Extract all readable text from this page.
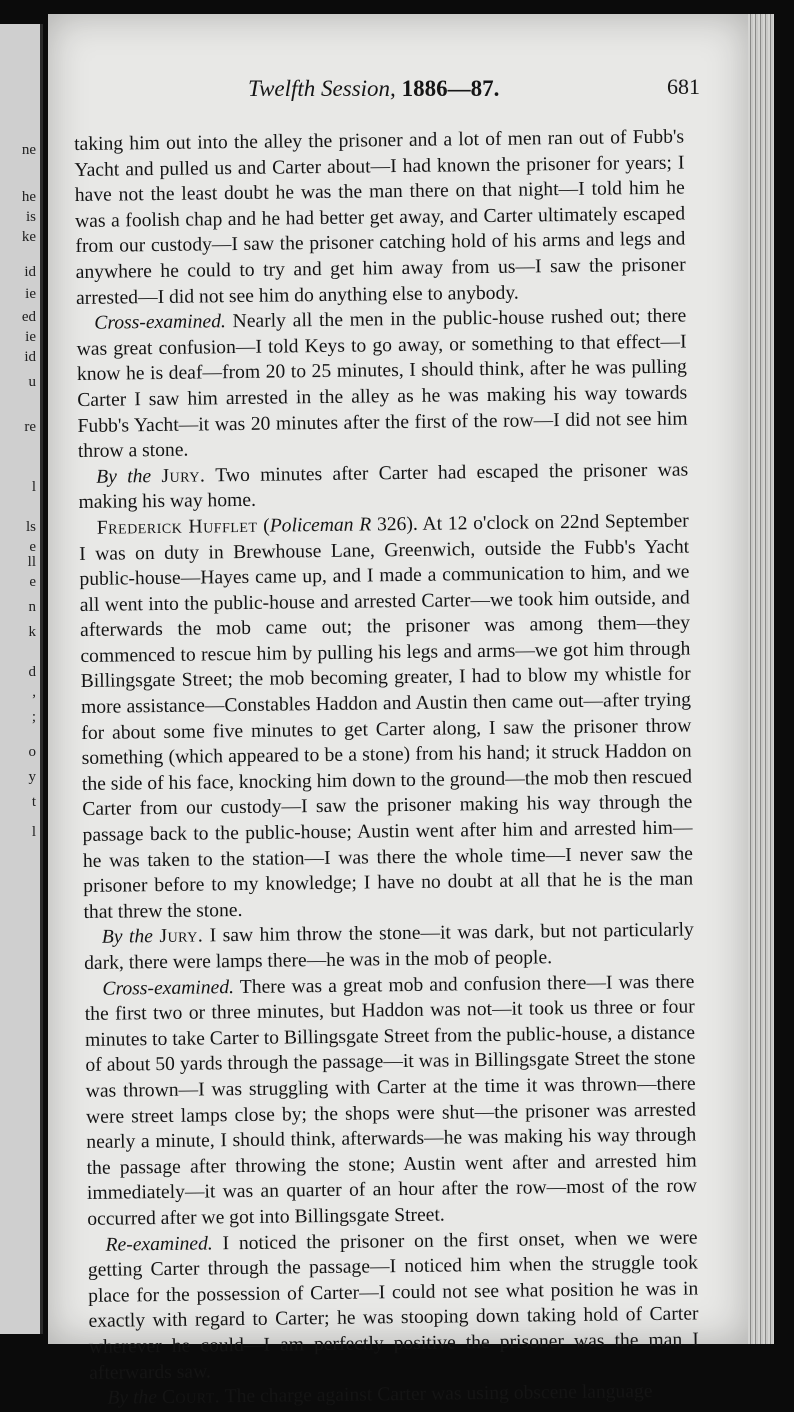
ne
he
is
ke
id
ie
ed
ie
id
u
re
l
ls
e
ll
e
n
k
d
,
;
o
y
t
l
Twelfth Session, 1886—87.	681

taking him out into the alley the prisoner and a lot of men ran out of Fubb's Yacht and pulled us and Carter about—I had known the prisoner for years; I have not the least doubt he was the man there on that night—I told him he was a foolish chap and he had better get away, and Carter ultimately escaped from our custody—I saw the prisoner catching hold of his arms and legs and anywhere he could to try and get him away from us—I saw the prisoner arrested—I did not see him do anything else to anybody.

Cross-examined. Nearly all the men in the public-house rushed out; there was great confusion—I told Keys to go away, or something to that effect—I know he is deaf—from 20 to 25 minutes, I should think, after he was pulling Carter I saw him arrested in the alley as he was making his way towards Fubb's Yacht—it was 20 minutes after the first of the row—I did not see him throw a stone.

By the Jury. Two minutes after Carter had escaped the prisoner was making his way home.

Frederick Hufflet (Policeman R 326). At 12 o'clock on 22nd September I was on duty in Brewhouse Lane, Greenwich, outside the Fubb's Yacht public-house—Hayes came up, and I made a communication to him, and we all went into the public-house and arrested Carter—we took him outside, and afterwards the mob came out; the prisoner was among them—they commenced to rescue him by pulling his legs and arms—we got him through Billingsgate Street; the mob becoming greater, I had to blow my whistle for more assistance—Constables Haddon and Austin then came out—after trying for about some five minutes to get Carter along, I saw the prisoner throw something (which appeared to be a stone) from his hand; it struck Haddon on the side of his face, knocking him down to the ground—the mob then rescued Carter from our custody—I saw the prisoner making his way through the passage back to the public-house; Austin went after him and arrested him—he was taken to the station—I was there the whole time—I never saw the prisoner before to my knowledge; I have no doubt at all that he is the man that threw the stone.

By the Jury. I saw him throw the stone—it was dark, but not particularly dark, there were lamps there—he was in the mob of people.

Cross-examined. There was a great mob and confusion there—I was there the first two or three minutes, but Haddon was not—it took us three or four minutes to take Carter to Billingsgate Street from the public-house, a distance of about 50 yards through the passage—it was in Billingsgate Street the stone was thrown—I was struggling with Carter at the time it was thrown—there were street lamps close by; the shops were shut—the prisoner was arrested nearly a minute, I should think, afterwards—he was making his way through the passage after throwing the stone; Austin went after and arrested him immediately—it was an quarter of an hour after the row—most of the row occurred after we got into Billingsgate Street.

Re-examined. I noticed the prisoner on the first onset, when we were getting Carter through the passage—I noticed him when the struggle took place for the possession of Carter—I could not see what position he was in exactly with regard to Carter; he was stooping down taking hold of Carter wherever he could—I am perfectly positive the prisoner was the man I afterwards saw.

By the Court. The charge against Carter was using obscene language
